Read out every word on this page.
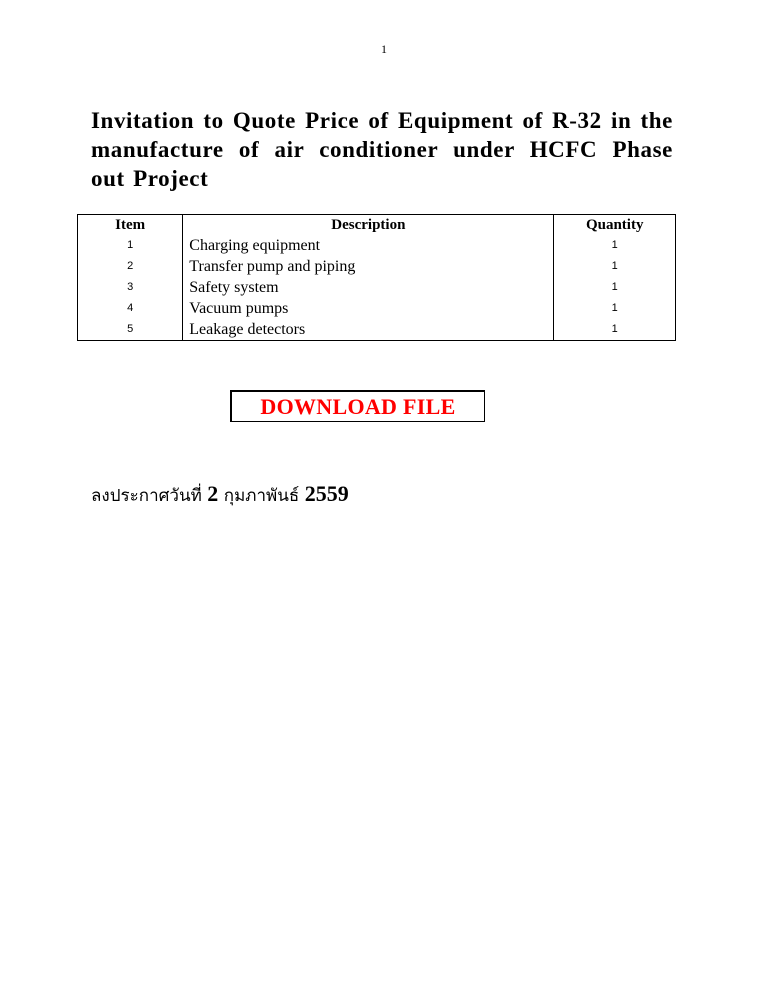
1
Invitation to Quote Price of Equipment of R-32 in the manufacture of air conditioner under HCFC Phase out Project
Item	Description	Quantity
1	Charging equipment	1
2	Transfer pump and piping	1
3	Safety system	1
4	Vacuum pumps	1
5	Leakage detectors	1
DOWNLOAD FILE
ลงประกาศวันที่ 2 กุมภาพันธ์ 2559
